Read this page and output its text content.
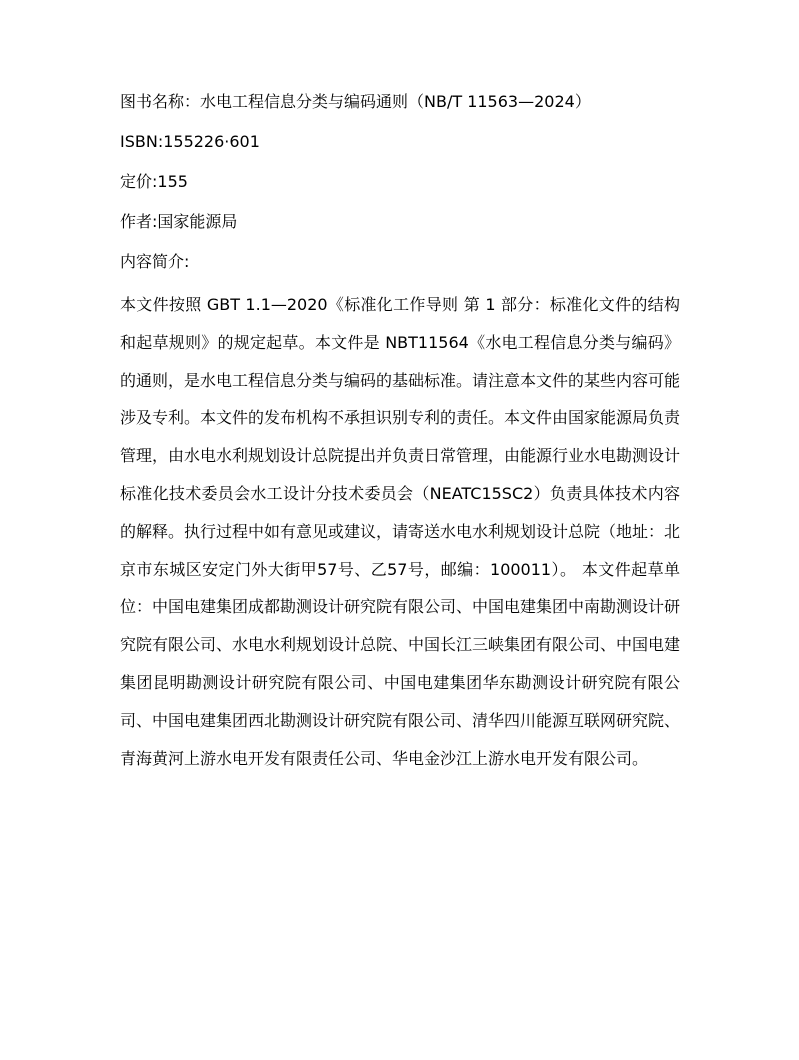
图书名称：水电工程信息分类与编码通则（NB/T 11563—2024）

ISBN:155226·601

定价:155

作者:国家能源局

内容简介:

本文件按照 GBT 1.1—2020《标准化工作导则 第 1 部分：标准化文件的结构和起草规则》的规定起草。本文件是 NBT11564《水电工程信息分类与编码》的通则，是水电工程信息分类与编码的基础标准。请注意本文件的某些内容可能涉及专利。本文件的发布机构不承担识别专利的责任。本文件由国家能源局负责管理，由水电水利规划设计总院提出并负责日常管理，由能源行业水电勘测设计标准化技术委员会水工设计分技术委员会（NEATC15SC2）负责具体技术内容的解释。执行过程中如有意见或建议，请寄送水电水利规划设计总院（地址：北京市东城区安定门外大街甲57号、乙57号，邮编：100011）。 本文件起草单位：中国电建集团成都勘测设计研究院有限公司、中国电建集团中南勘测设计研究院有限公司、水电水利规划设计总院、中国长江三峡集团有限公司、中国电建集团昆明勘测设计研究院有限公司、中国电建集团华东勘测设计研究院有限公司、中国电建集团西北勘测设计研究院有限公司、清华四川能源互联网研究院、青海黄河上游水电开发有限责任公司、华电金沙江上游水电开发有限公司。
